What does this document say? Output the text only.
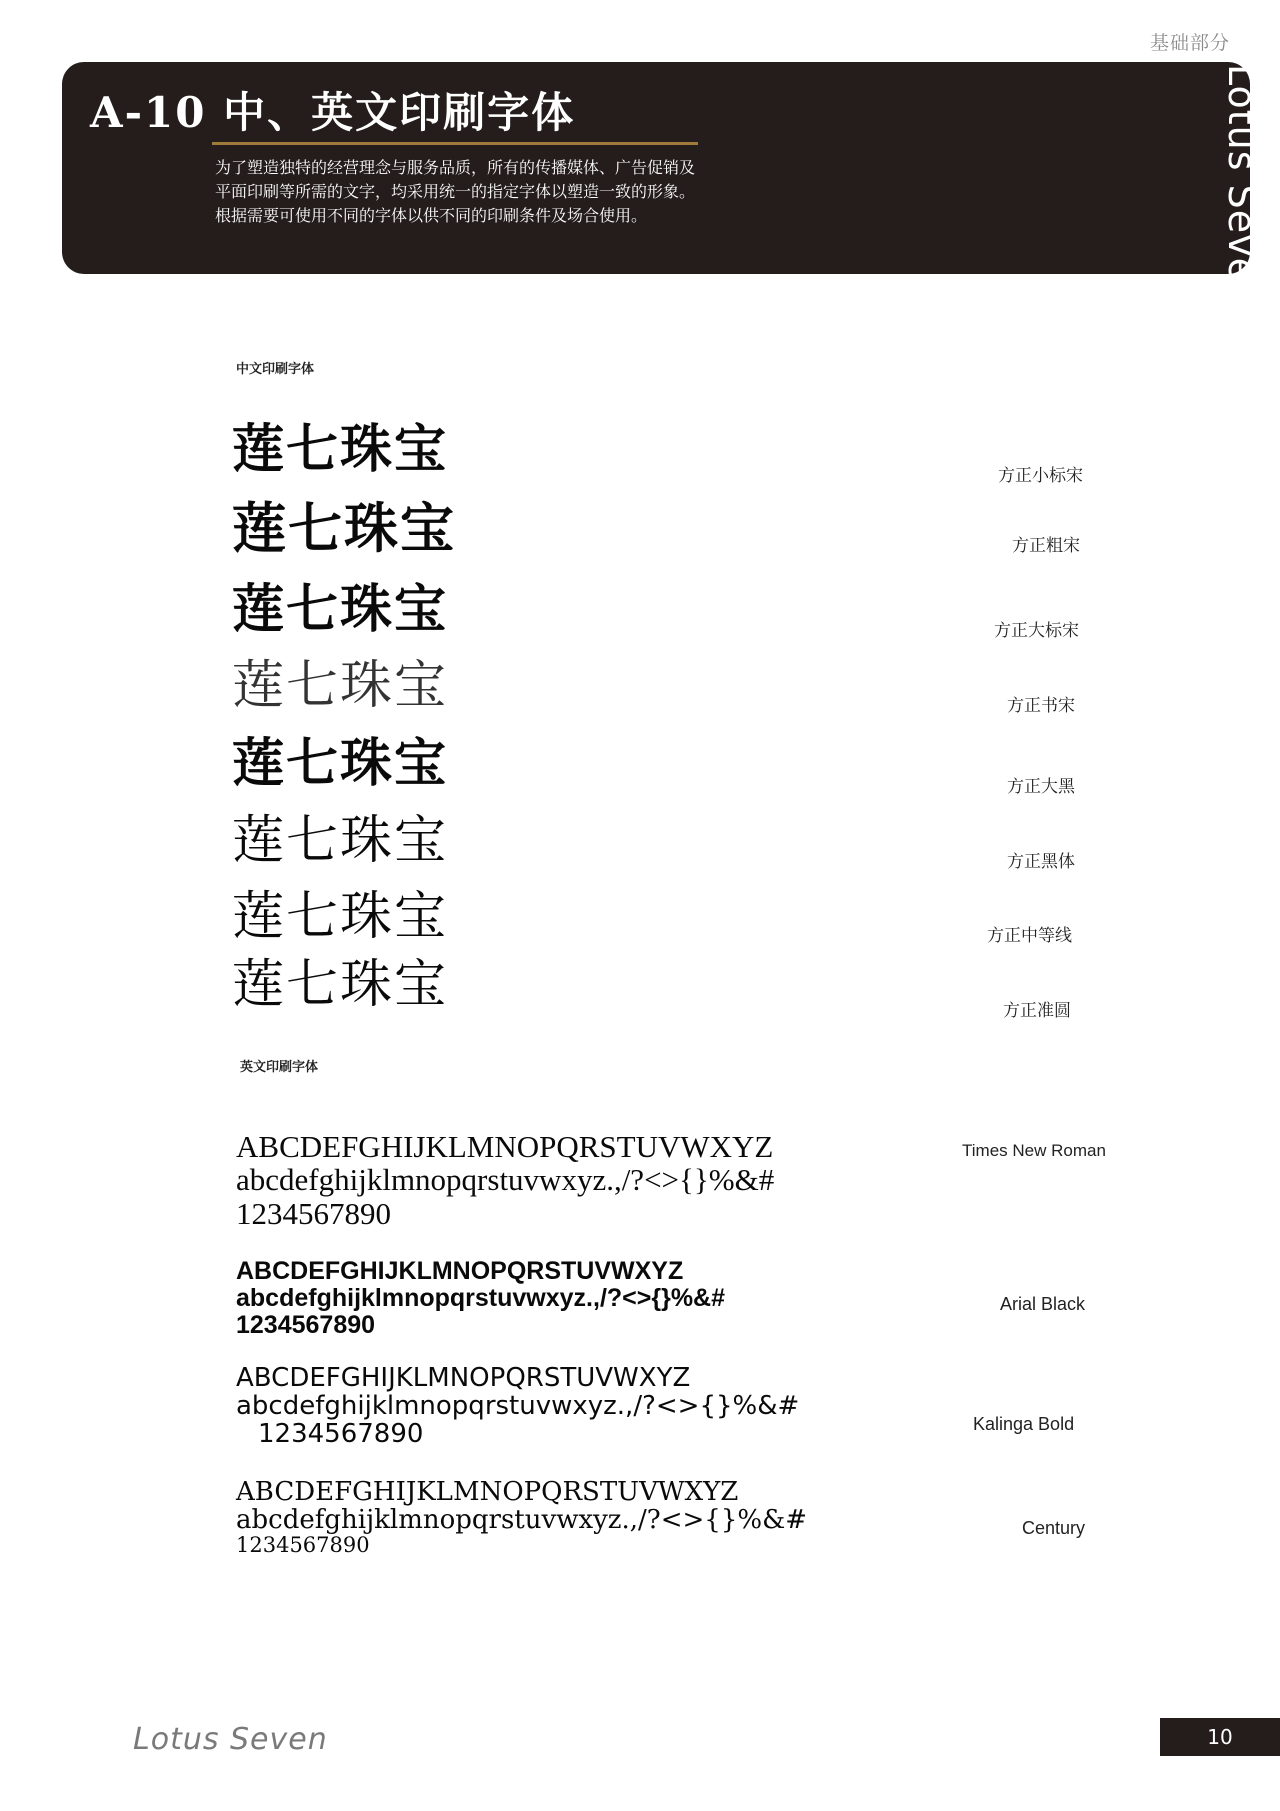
基础部分
A-10 中、英文印刷字体
为了塑造独特的经营理念与服务品质，所有的传播媒体、广告促销及
平面印刷等所需的文字，均采用统一的指定字体以塑造一致的形象。
根据需要可使用不同的字体以供不同的印刷条件及场合使用。	Lotus Seven
中文印刷字体
莲七珠宝	方正小标宋
莲七珠宝	方正粗宋
莲七珠宝	方正大标宋
莲七珠宝	方正书宋
莲七珠宝	方正大黑
莲七珠宝	方正黑体
莲七珠宝	方正中等线
莲七珠宝	方正准圆
英文印刷字体
ABCDEFGHIJKLMNOPQRSTUVWXYZ
abcdefghijklmnopqrstuvwxyz.,/?<>{}%&#
1234567890
Times New Roman
ABCDEFGHIJKLMNOPQRSTUVWXYZ
abcdefghijklmnopqrstuvwxyz.,/?<>{}%&#
1234567890
Arial Black
ABCDEFGHIJKLMNOPQRSTUVWXYZ
abcdefghijklmnopqrstuvwxyz.,/?<>{}%&#
1234567890	Kalinga Bold
ABCDEFGHIJKLMNOPQRSTUVWXYZ
abcdefghijklmnopqrstuvwxyz.,/?<>{}%&#
1234567890
Century
Lotus Seven	10
